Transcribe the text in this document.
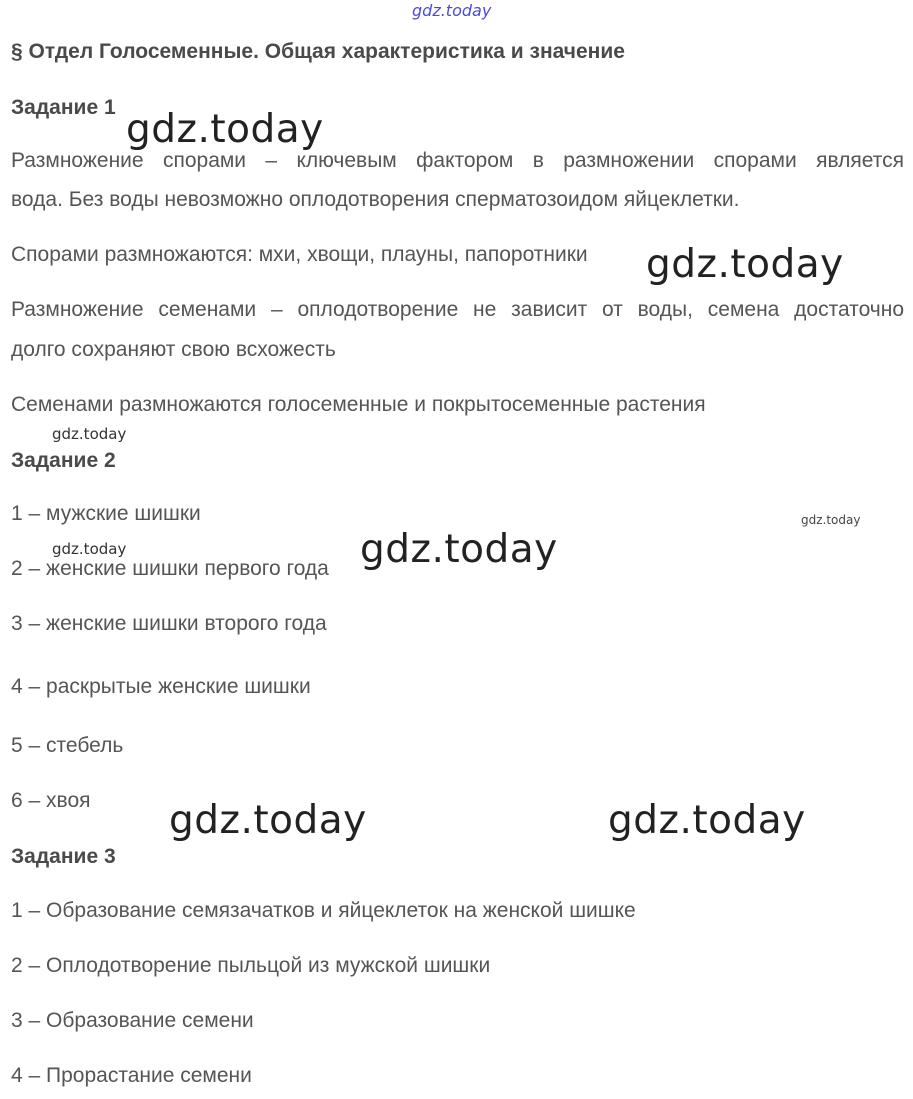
gdz.today
gdz.today
gdz.today
gdz.today
gdz.today
gdz.today	gdz.today
gdz.today	gdz.today
§ Отдел Голосеменные. Общая характеристика и значение
Задание 1
Размножение спорами – ключевым фактором в размножении спорами является
вода. Без воды невозможно оплодотворения сперматозоидом яйцеклетки.
Спорами размножаются: мхи, хвощи, плауны, папоротники
Размножение семенами – оплодотворение не зависит от воды, семена достаточно
долго сохраняют свою всхожесть
Семенами размножаются голосеменные и покрытосеменные растения
Задание 2
1 – мужские шишки
2 – женские шишки первого года
3 – женские шишки второго года
4 – раскрытые женские шишки
5 – стебель
6 – хвоя
Задание 3
1 – Образование семязачатков и яйцеклеток на женской шишке
2 – Оплодотворение пыльцой из мужской шишки
3 – Образование семени
4 – Прорастание семени
